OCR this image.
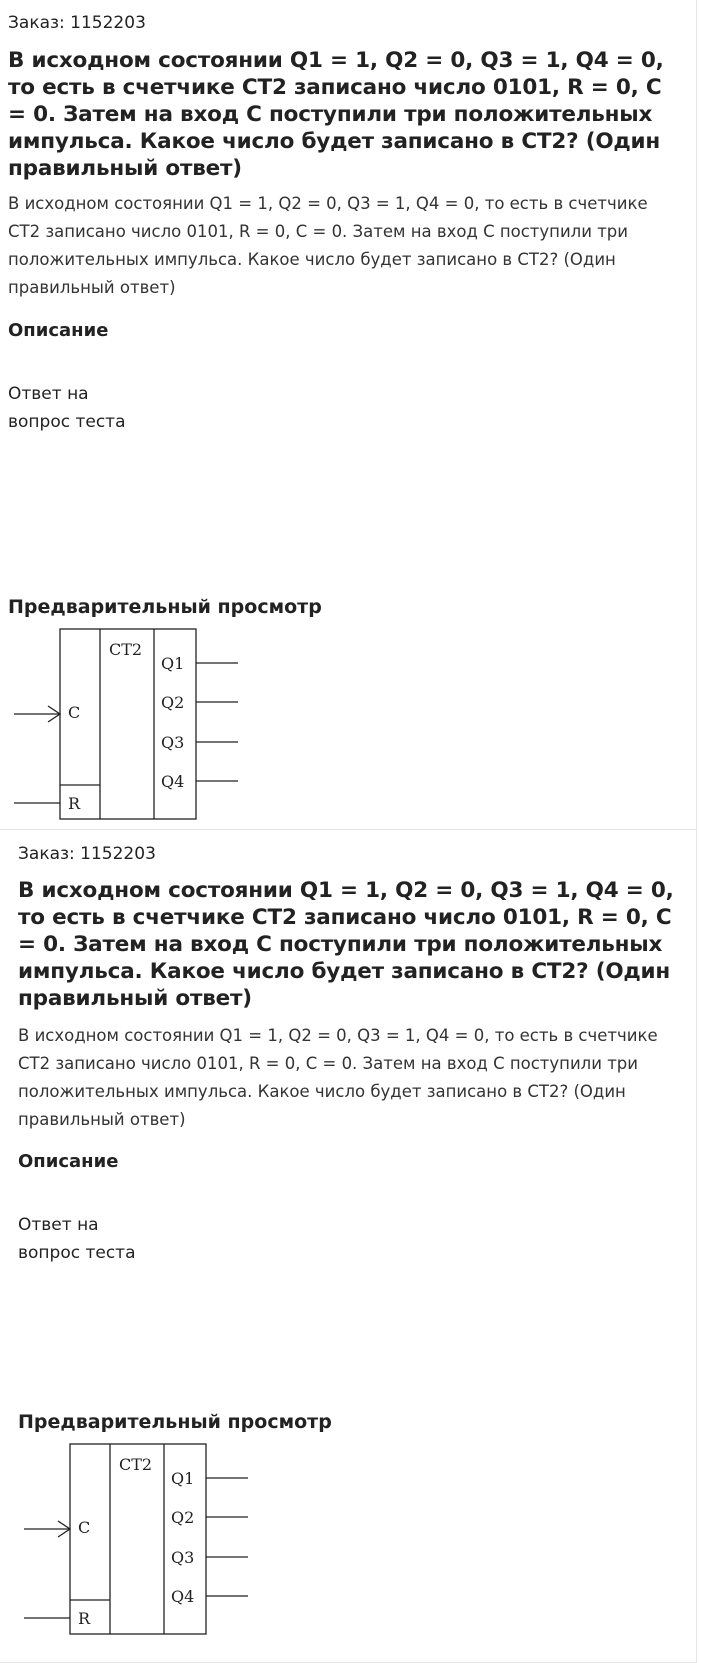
Заказ: 1152203

В исходном состоянии Q1 = 1, Q2 = 0, Q3 = 1, Q4 = 0, то есть в счетчике СТ2 записано число 0101, R = 0, C = 0. Затем на вход С поступили три положительных импульса. Какое число будет записано в СТ2? (Один правильный ответ)

В исходном состоянии Q1 = 1, Q2 = 0, Q3 = 1, Q4 = 0, то есть в счетчике СТ2 записано число 0101, R = 0, C = 0. Затем на вход С поступили три положительных импульса. Какое число будет записано в СТ2? (Один правильный ответ)

Описание

Ответ на вопрос теста

Предварительный просмотр
CT2
C
R
Q1
Q2
Q3
Q4

Заказ: 1152203

В исходном состоянии Q1 = 1, Q2 = 0, Q3 = 1, Q4 = 0, то есть в счетчике СТ2 записано число 0101, R = 0, C = 0. Затем на вход С поступили три положительных импульса. Какое число будет записано в СТ2? (Один правильный ответ)

В исходном состоянии Q1 = 1, Q2 = 0, Q3 = 1, Q4 = 0, то есть в счетчике СТ2 записано число 0101, R = 0, C = 0. Затем на вход С поступили три положительных импульса. Какое число будет записано в СТ2? (Один правильный ответ)

Описание

Ответ на вопрос теста

Предварительный просмотр
CT2
C
R
Q1
Q2
Q3
Q4
